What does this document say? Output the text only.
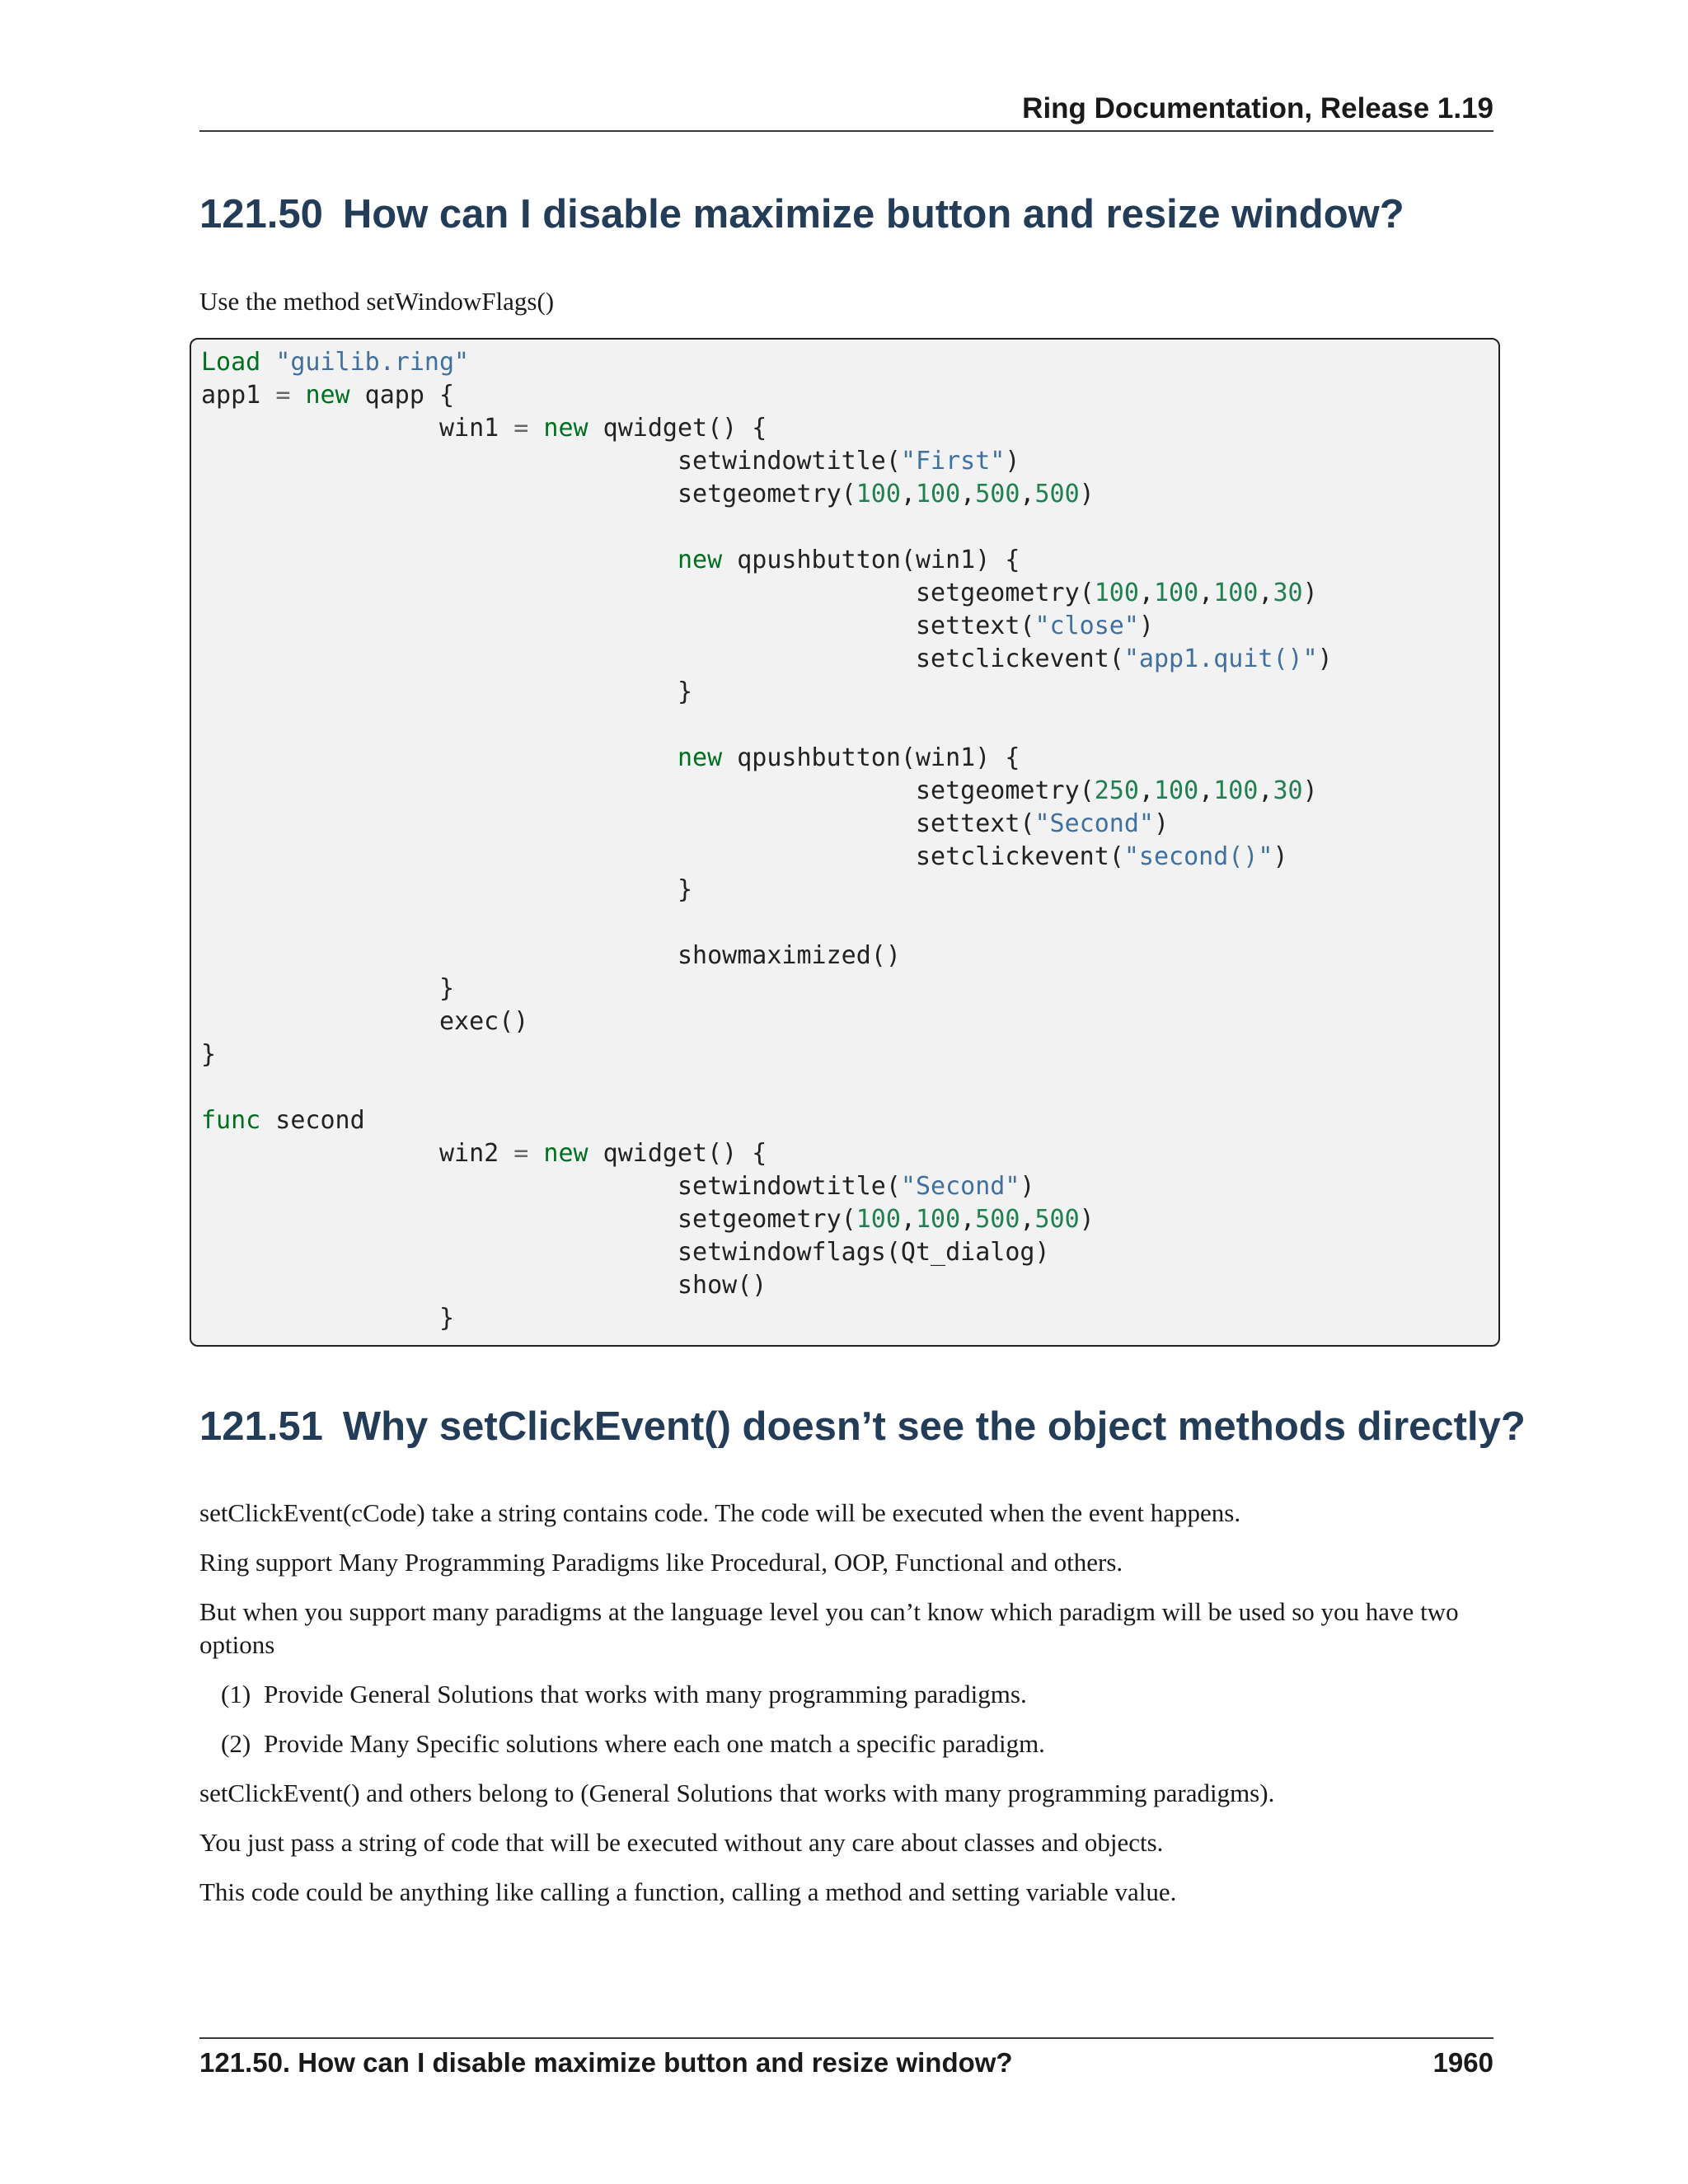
Ring Documentation, Release 1.19
121.50 How can I disable maximize button and resize window?

Use the method setWindowFlags()

Load "guilib.ring"
app1 = new qapp {
win1 = new qwidget() {
setwindowtitle("First")
setgeometry(100,100,500,500)
new qpushbutton(win1) {
setgeometry(100,100,100,30)
settext("close")
setclickevent("app1.quit()")
}
new qpushbutton(win1) {
setgeometry(250,100,100,30)
settext("Second")
setclickevent("second()")
}
showmaximized()
}
exec()
}
func second
win2 = new qwidget() {
setwindowtitle("Second")
setgeometry(100,100,500,500)
setwindowflags(Qt_dialog)
show()
}
121.51 Why setClickEvent() doesn’t see the object methods directly?

setClickEvent(cCode) take a string contains code. The code will be executed when the event happens.

Ring support Many Programming Paradigms like Procedural, OOP, Functional and others.

But when you support many paradigms at the language level you can’t know which paradigm will be used so you have two options

(1) Provide General Solutions that works with many programming paradigms.
(2) Provide Many Specific solutions where each one match a specific paradigm.

setClickEvent() and others belong to (General Solutions that works with many programming paradigms).

You just pass a string of code that will be executed without any care about classes and objects.

This code could be anything like calling a function, calling a method and setting variable value.

121.50. How can I disable maximize button and resize window?	1960
